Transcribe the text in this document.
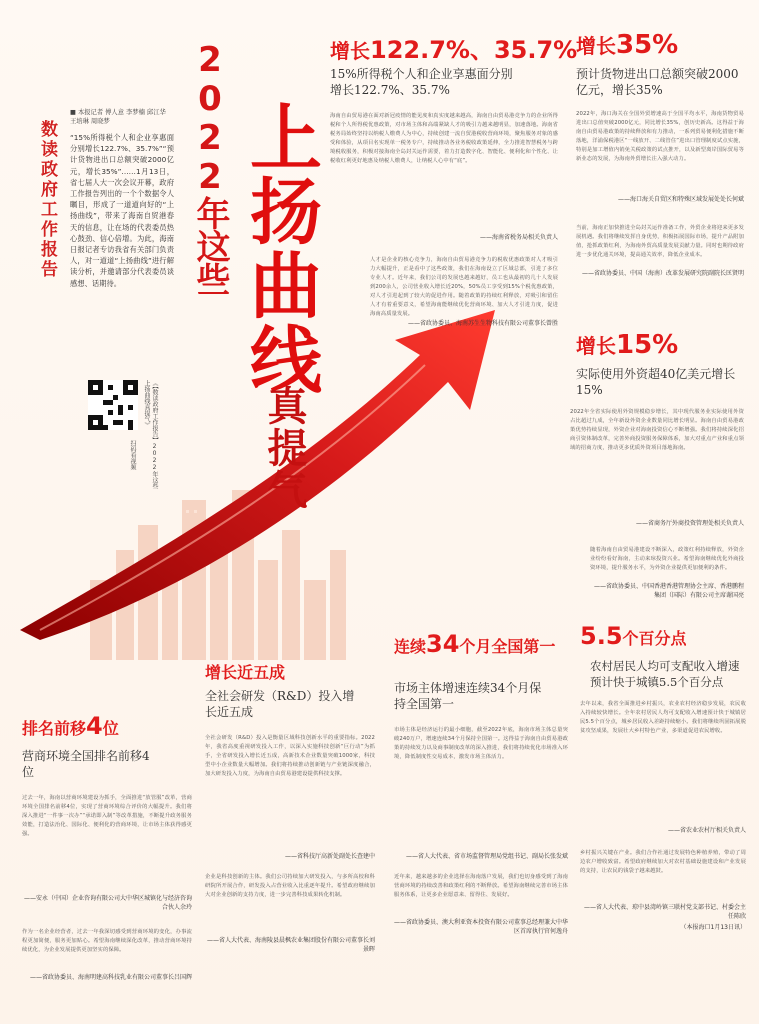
数读政府工作报告
■ 本报记者 傅人意 李梦楠 邱江华 王培琳 周晓梦
“15%所得税个人和企业享惠面分别增长122.7%、35.7%”“预计货物进出口总额突破2000亿元，增长35%”……1月13日，省七届人大一次会议开幕，政府工作报告列出的一个个数据令人瞩目，形成了一道道向好的“上扬曲线”，带来了海南自贸港春天的信息，让在场的代表委员热心鼓劲、信心倍增。为此，海南日报记者专访我省有关部门负责人，对一道道“上扬曲线”进行解读分析，并邀请部分代表委员谈感想、话期待。
《【数读政府工作报告】2022年这些上扬曲线真提气》
扫码看视频
2022年这些 上扬曲线
真提气
增长122.7%、35.7%
15%所得税个人和企业享惠面分别增长122.7%、35.7%
海南自由贸易港在面对新冠疫情的能见度和真实度越来越高，海南自由贸易港竞争力的企业所得税和个人所得税优惠政策，对市场主体和高端紧缺人才的吸引力越来越明显，加速落地。海南省税务局始终坚持以纳税人缴费人为中心，持续创建一流自贸港税收营商环境，聚焦服务对象的感受和体验，从项目名实现单一税务专户，持续推动各业务税收政策延伸，全力推进智慧税务与跨境税收服务，积极对接海南全岛封关运作需要，着力打造数字化、智能化、便利化和个性化、让税收红利更好地惠及纳税人缴费人，让纳税人心中有“底”。
——海南省税务局相关负责人
人才是企业的核心竞争力，海南自由贸易港竞争力的税收优惠政策对人才吸引力大幅提升，正是看中了这些政策，我们在海南设立了区域总部，引进了多位专业人才。近年来，我们公司的发展也越来越好，员工也从最初的几十人发展到200余人，公司营业收入增长近20%，50%员工享受到15%个税优惠政策，对人才引进起到了较大的促进作用。随着政策的持续红利释放，对吸引和留住人才有着重要意义，希望海南能继续优化营商环境、加大人才引进力度，促进海南高质量发展。
——省政协委员、海南苏生生物科技有限公司董事长曾胜
增长35%
预计货物进出口总额突破2000亿元，增长35%
2022年，海口海关在全国外贸增速高于全国平均水平，海南货物贸易进出口总值突破2000亿元，同比增长35%，创历史新高。这得益于海南自由贸易港政策的持续释放和有力推动，一系列贸易便利化措施不断落地，洋浦保税港区“一线放开、二线管住”进出口管理制度试点实施，特别是加工增值内销免关税政策的试点推开，以及新型离岸国际贸易等新业态的发展，为海南外贸增长注入强大动力。
——海口海关自贸区和特殊区域发展处处长何斌
当前，海南正加快推进全岛封关运作准备工作，外贸企业将迎来更多发展机遇。我们将继续发挥自身优势，积极拓展国际市场，提升产品附加值，抢抓政策红利，为海南外贸高质量发展贡献力量。同时也期待政府进一步优化通关环境，提高通关效率，降低企业成本。
——省政协委员、中国（海南）改革发展研究院副院长匡贤明
增长15%
实际使用外资超40亿美元增长15%
2022年全省实际使用外资规模稳步增长，其中现代服务业实际使用外资占比超过九成，全年新设外资企业数量同比增长明显。海南自由贸易港政策优势持续显现，外资企业对海南投资信心不断增强。我们将持续深化招商引资体制改革，完善外商投资服务保障体系，加大对重点产业和重点领域的招商力度，推动更多优质外资项目落地海南。
——省商务厅外商投资管理处相关负责人
随着海南自由贸易港建设不断深入，政策红利持续释放，外资企业纷纷看好海南，主动来琼投资兴业。希望海南继续优化外商投资环境，提升服务水平，为外资企业提供更加便利的条件。
——省政协委员、中国香港香港管理协会主席、香港鹏程集团（国际）有限公司主席谢国亮
排名前移4位
营商环境全国排名前移4位
过去一年，海南以营商环境建设为抓手，全面推进“放管服”改革，营商环境全国排名前移4位，实现了营商环境综合评价的大幅提升。我们将深入推进“一件事一次办”“承诺即入制”等改革措施，不断提升政务服务效能，打造法治化、国际化、便利化的营商环境，让市场主体获得感更强。
——安永（中国）企业咨询有限公司大中华区城镇化与经济咨询合伙人余玲
作为一名企业经营者，过去一年我深切感受到营商环境的变化，办事流程更加简便，服务更加贴心。希望海南继续深化改革，推动营商环境持续优化，为企业发展提供更加坚实的保障。
——省政协委员、海南明建高科技乳业有限公司董事长吕国辉
增长近五成
全社会研发（R&D）投入增长近五成
全社会研发（R&D）投入是衡量区域科技创新水平的重要指标。2022年，我省高度重视研发投入工作，以深入实施科技创新“巨行动”为抓手，全省研发投入增长近五成，高新技术企业数量突破1000家，科技型中小企业数量大幅增加。我们将持续推动创新链与产业链深度融合，加大研发投入力度，为海南自由贸易港建设提供科技支撑。
——省科技厅高新处副处长查建中
企业是科技创新的主体。我们公司持续加大研发投入，与多所高校和科研院所开展合作，研发投入占营业收入比重逐年提升。希望政府继续加大对企业创新的支持力度，进一步完善科技成果转化机制。
——省人大代表、海南陵县晨枫农业集团股份有限公司董事长刘景晖
连续34个月全国第一
市场主体增速连续34个月保持全国第一
市场主体是经济运行的最小细胞，截至2022年底，海南市场主体总量突破240万户，增速连续34个月保持全国第一。这得益于海南自由贸易港政策的持续发力以及商事制度改革的深入推进，我们将持续优化市场准入环境，降低制度性交易成本，激发市场主体活力。
——省人大代表、省市场监督管理局党组书记、副局长张发斌
近年来，越来越多的企业选择在海南落户发展，我们也切身感受到了海南营商环境的持续改善和政策红利的不断释放。希望海南继续完善市场主体服务体系，让更多企业愿意来、留得住、发展好。
——省政协委员、澳大利亚资本投资有限公司董事总经理兼大中华区首席执行官何逸舟
5.5个百分点
农村居民人均可支配收入增速预计快于城镇5.5个百分点
去年以来，我省全面推进乡村振兴，农业农村经济稳步发展，农民收入持续较快增长。全年农村居民人均可支配收入增速预计快于城镇居民5.5个百分点，城乡居民收入差距持续缩小。我们将继续巩固拓展脱贫攻坚成果，发展壮大乡村特色产业，多渠道促进农民增收。
——省农业农村厅相关负责人
乡村振兴关键在产业。我们合作社通过发展特色种植养殖，带动了周边农户增收致富。希望政府继续加大对农村基础设施建设和产业发展的支持，让农民的钱袋子越来越鼓。
——省人大代表、琼中县湾岭镇三联村党支部书记、村委会主任陈欣
（本报海口1月13日讯）
